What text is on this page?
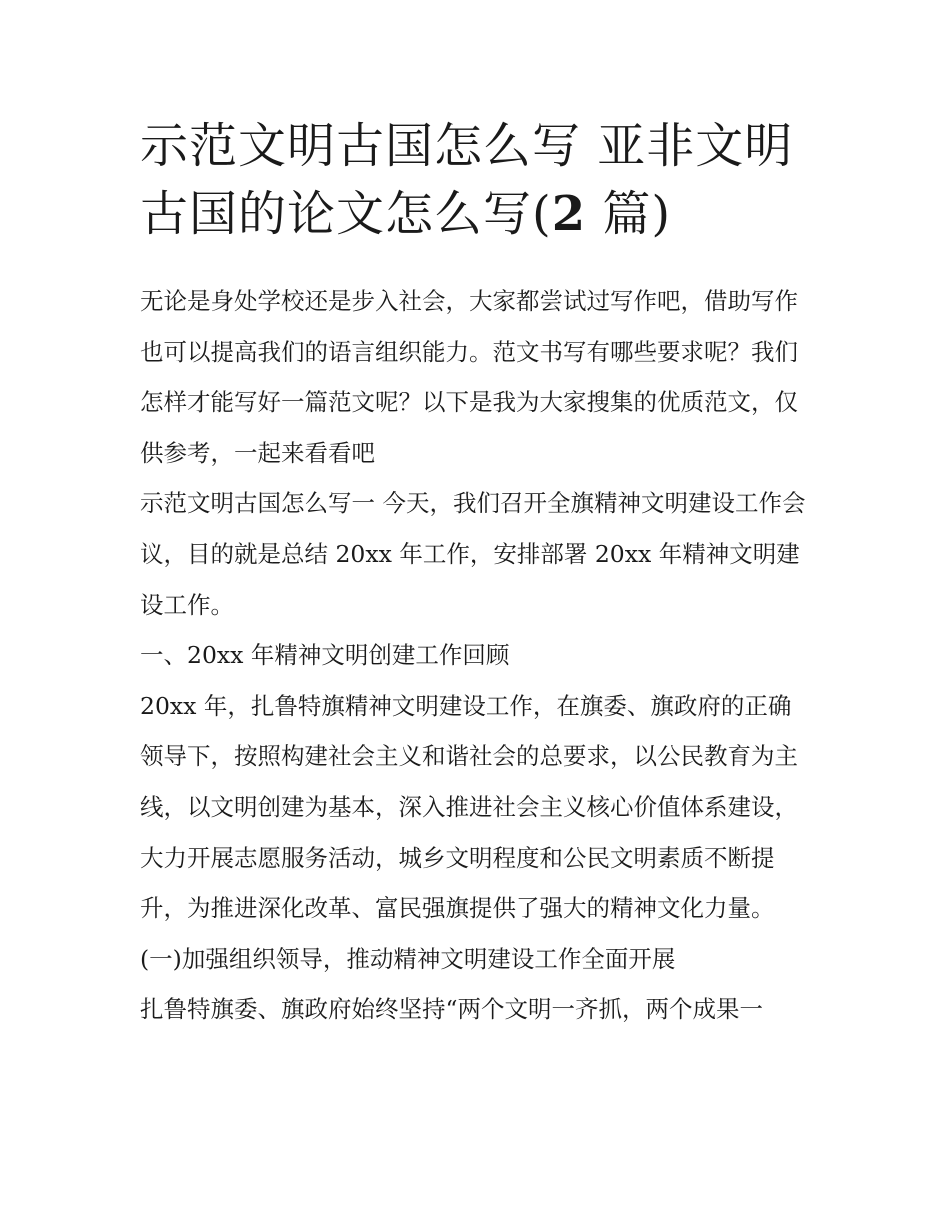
示范文明古国怎么写 亚非文明古国的论文怎么写(2 篇)

无论是身处学校还是步入社会，大家都尝试过写作吧，借助写作也可以提高我们的语言组织能力。范文书写有哪些要求呢？我们怎样才能写好一篇范文呢？以下是我为大家搜集的优质范文，仅供参考，一起来看看吧

示范文明古国怎么写一 今天，我们召开全旗精神文明建设工作会议，目的就是总结 20xx 年工作，安排部署 20xx 年精神文明建设工作。

一、20xx 年精神文明创建工作回顾

20xx 年，扎鲁特旗精神文明建设工作，在旗委、旗政府的正确领导下，按照构建社会主义和谐社会的总要求，以公民教育为主线，以文明创建为基本，深入推进社会主义核心价值体系建设，大力开展志愿服务活动，城乡文明程度和公民文明素质不断提升，为推进深化改革、富民强旗提供了强大的精神文化力量。

(一)加强组织领导，推动精神文明建设工作全面开展

扎鲁特旗委、旗政府始终坚持“两个文明一齐抓，两个成果一
